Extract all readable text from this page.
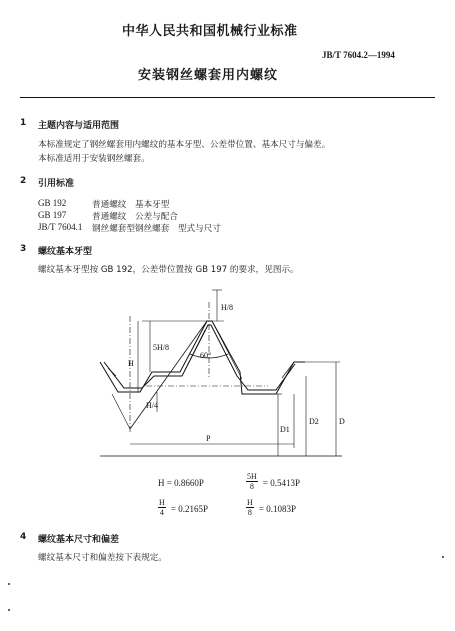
中华人民共和国机械行业标准
JB/T 7604.2—1994
安装钢丝螺套用内螺纹
1 主题内容与适用范围
本标准规定了钢丝螺套用内螺纹的基本牙型、公差带位置、基本尺寸与偏差。
本标准适用于安装钢丝螺套。
2 引用标准
GB 192	普通螺纹　基本牙型
GB 197	普通螺纹　公差与配合
JB/T 7604.1 钢丝螺套型钢丝螺套　型式与尺寸
3 螺纹基本牙型
螺纹基本牙型按 GB 192，公差带位置按 GB 197 的要求，见图示。
H/8
5H/8
H
H/4
60°
P
D1
D2	D
H = 0.8660P	$\frac{5H}{8} = 0.5413P$
$\frac{H}{4} = 0.2165P$	$\frac{H}{8} = 0.1083P$
4 螺纹基本尺寸和偏差
螺纹基本尺寸和偏差按下表规定。
